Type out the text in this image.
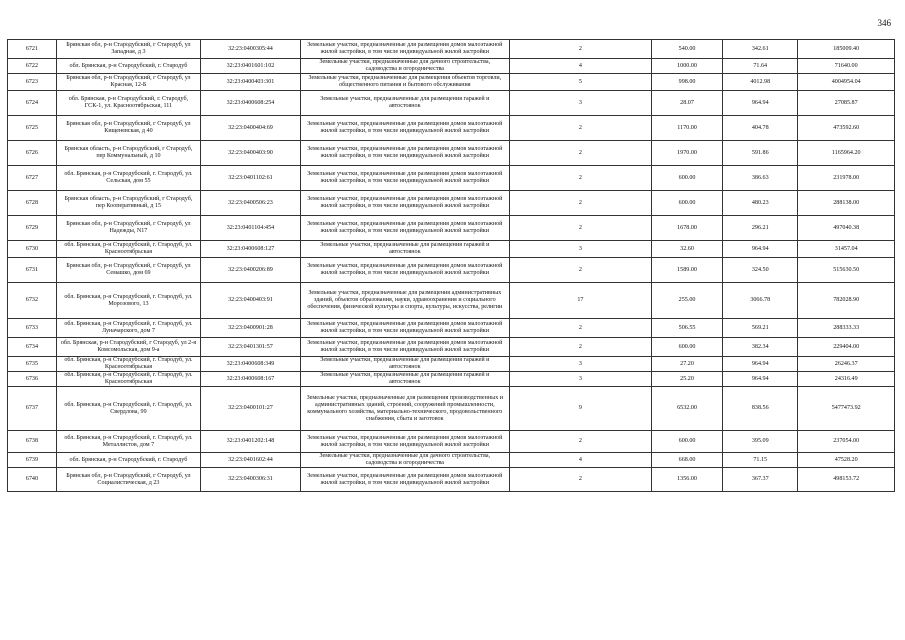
346
6721	Брянская обл, р-н Стародубский, г Стародуб, ул Западная, д 3	32:23:0400305:44	Земельные участки, предназначенные для размещения домов малоэтажной жилой застройки, в том числе индивидуальной жилой застройки	2	540.00	342.61	185009.40
6722	обл. Брянская, р-н Стародубский, г. Стародуб	32:23:0401601:102	Земельные участки, предназначенные для дачного строительства, садоводства и огородничества	4	1000.00	71.64	71640.00
6723	Брянская обл, р-н Стародубский, г Стародуб, ул Красная, 12-Б	32:23:0400403:301	Земельные участки, предназначенные для размещения объектов торговли, общественного питания и бытового обслуживания	5	998.00	4012.98	4004954.04
6724	обл. Брянская, р-н Стародубский, г. Стародуб, ГСК-1, ул. Красноотябрьская, 111	32:23:0400608:254	Земельные участки, предназначенные для размещения гаражей и автостоянок	3	28.07	964.94	27085.87
6725	Брянская обл, р-н Стародубский, г Стародуб, ул Кищеневская, д 40	32:23:0400404:69	Земельные участки, предназначенные для размещения домов малоэтажной жилой застройки, в том числе индивидуальной жилой застройки	2	1170.00	404.78	473592.60
6726	Брянская область, р-н Стародубский, г Стародуб, пер Коммунальный, д 10	32:23:0400403:90	Земельные участки, предназначенные для размещения домов малоэтажной жилой застройки, в том числе индивидуальной жилой застройки	2	1970.00	591.86	1165964.20
6727	обл. Брянская, р-н Стародубский, г. Стародуб, ул. Сельская, дом 55	32:23:0401102:61	Земельные участки, предназначенные для размещения домов малоэтажной жилой застройки, в том числе индивидуальной жилой застройки	2	600.00	386.63	231978.00
6728	Брянская область, р-н Стародубский, г Стародуб, пер Кооперативный, д 15	32:23:0400506:23	Земельные участки, предназначенные для размещения домов малоэтажной жилой застройки, в том числе индивидуальной жилой застройки	2	600.00	480.23	288138.00
6729	Брянская обл, р-н Стародубский, г Стародуб, ул Надежды, N17	32:23:0401104:454	Земельные участки, предназначенные для размещения домов малоэтажной жилой застройки, в том числе индивидуальной жилой застройки	2	1678.00	296.21	497040.38
6730	обл. Брянская, р-н Стародубский, г. Стародуб, ул. Красноотябрьская	32:23:0400608:127	Земельные участки, предназначенные для размещения гаражей и автостоянок	3	32.60	964.94	31457.04
6731	Брянская обл, р-н Стародубский, г Стародуб, ул Семашко, дом 69	32:23:0400206:89	Земельные участки, предназначенные для размещения домов малоэтажной жилой застройки, в том числе индивидуальной жилой застройки	2	1589.00	324.50	515630.50
6732	обл. Брянская, р-н Стародубский, г. Стародуб, ул. Морозового, 13	32:23:0400403:91	Земельные участки, предназначенные для размещения административных зданий, объектов образования, науки, здравоохранения и социального обеспечения, физической культуры и спорта, культуры, искусства, религии	17	255.00	3066.78	782028.90
6733	обл. Брянская, р-н Стародубский, г. Стародуб, ул. Луначарского, дом 7	32:23:0400901:28	Земельные участки, предназначенные для размещения домов малоэтажной жилой застройки, в том числе индивидуальной жилой застройки	2	506.55	569.21	288333.33
6734	обл. Брянская, р-н Стародубский, г Стародуб, ул 2-я Комсомольская, дом 9-а	32:23:0401301:57	Земельные участки, предназначенные для размещения домов малоэтажной жилой застройки, в том числе индивидуальной жилой застройки	2	600.00	382.34	229404.00
6735	обл. Брянская, р-н Стародубский, г. Стародуб, ул. Красноотябрьская	32:23:0400608:349	Земельные участки, предназначенные для размещения гаражей и автостоянок	3	27.20	964.94	26246.37
6736	обл. Брянская, р-н Стародубский, г. Стародуб, ул. Красноотябрьская	32:23:0400608:167	Земельные участки, предназначенные для размещения гаражей и автостоянок	3	25.20	964.94	24316.49
6737	обл. Брянская, р-н Стародубский, г. Стародуб, ул. Свердлова, 99	32:23:0400101:27	Земельные участки, предназначенные для размещения производственных и административных зданий, строений, сооружений промышленности, коммунального хозяйства, материально-технического, продовольственного снабжения, сбыта и заготовок	9	6532.00	838.56	5477473.92
6738	обл. Брянская, р-н Стародубский, г. Стародуб, ул. Металлистов, дом 7	32:23:0401202:148	Земельные участки, предназначенные для размещения домов малоэтажной жилой застройки, в том числе индивидуальной жилой застройки	2	600.00	395.09	237054.00
6739	обл. Брянская, р-н Стародубский, г. Стародуб	32:23:0401602:44	Земельные участки, предназначенные для дачного строительства, садоводства и огородничества	4	668.00	71.15	47528.20
6740	Брянская обл, р-н Стародубский, г Стародуб, ул Социалистическая, д 23	32:23:0400306:31	Земельные участки, предназначенные для размещения домов малоэтажной жилой застройки, в том числе индивидуальной жилой застройки	2	1356.00	367.37	498153.72
